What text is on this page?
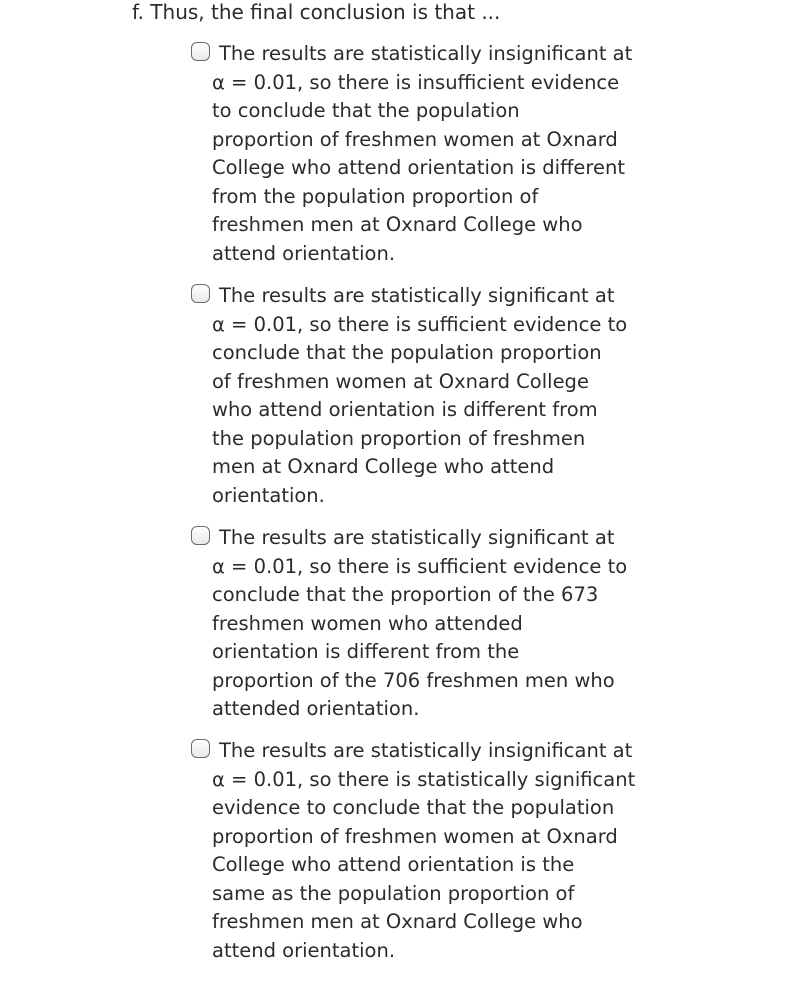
f. Thus, the final conclusion is that ...
The results are statistically insignificant at
α = 0.01, so there is insufficient evidence
to conclude that the population
proportion of freshmen women at Oxnard
College who attend orientation is different
from the population proportion of
freshmen men at Oxnard College who
attend orientation.
The results are statistically significant at
α = 0.01, so there is sufficient evidence to
conclude that the population proportion
of freshmen women at Oxnard College
who attend orientation is different from
the population proportion of freshmen
men at Oxnard College who attend
orientation.
The results are statistically significant at
α = 0.01, so there is sufficient evidence to
conclude that the proportion of the 673
freshmen women who attended
orientation is different from the
proportion of the 706 freshmen men who
attended orientation.
The results are statistically insignificant at
α = 0.01, so there is statistically significant
evidence to conclude that the population
proportion of freshmen women at Oxnard
College who attend orientation is the
same as the population proportion of
freshmen men at Oxnard College who
attend orientation.
